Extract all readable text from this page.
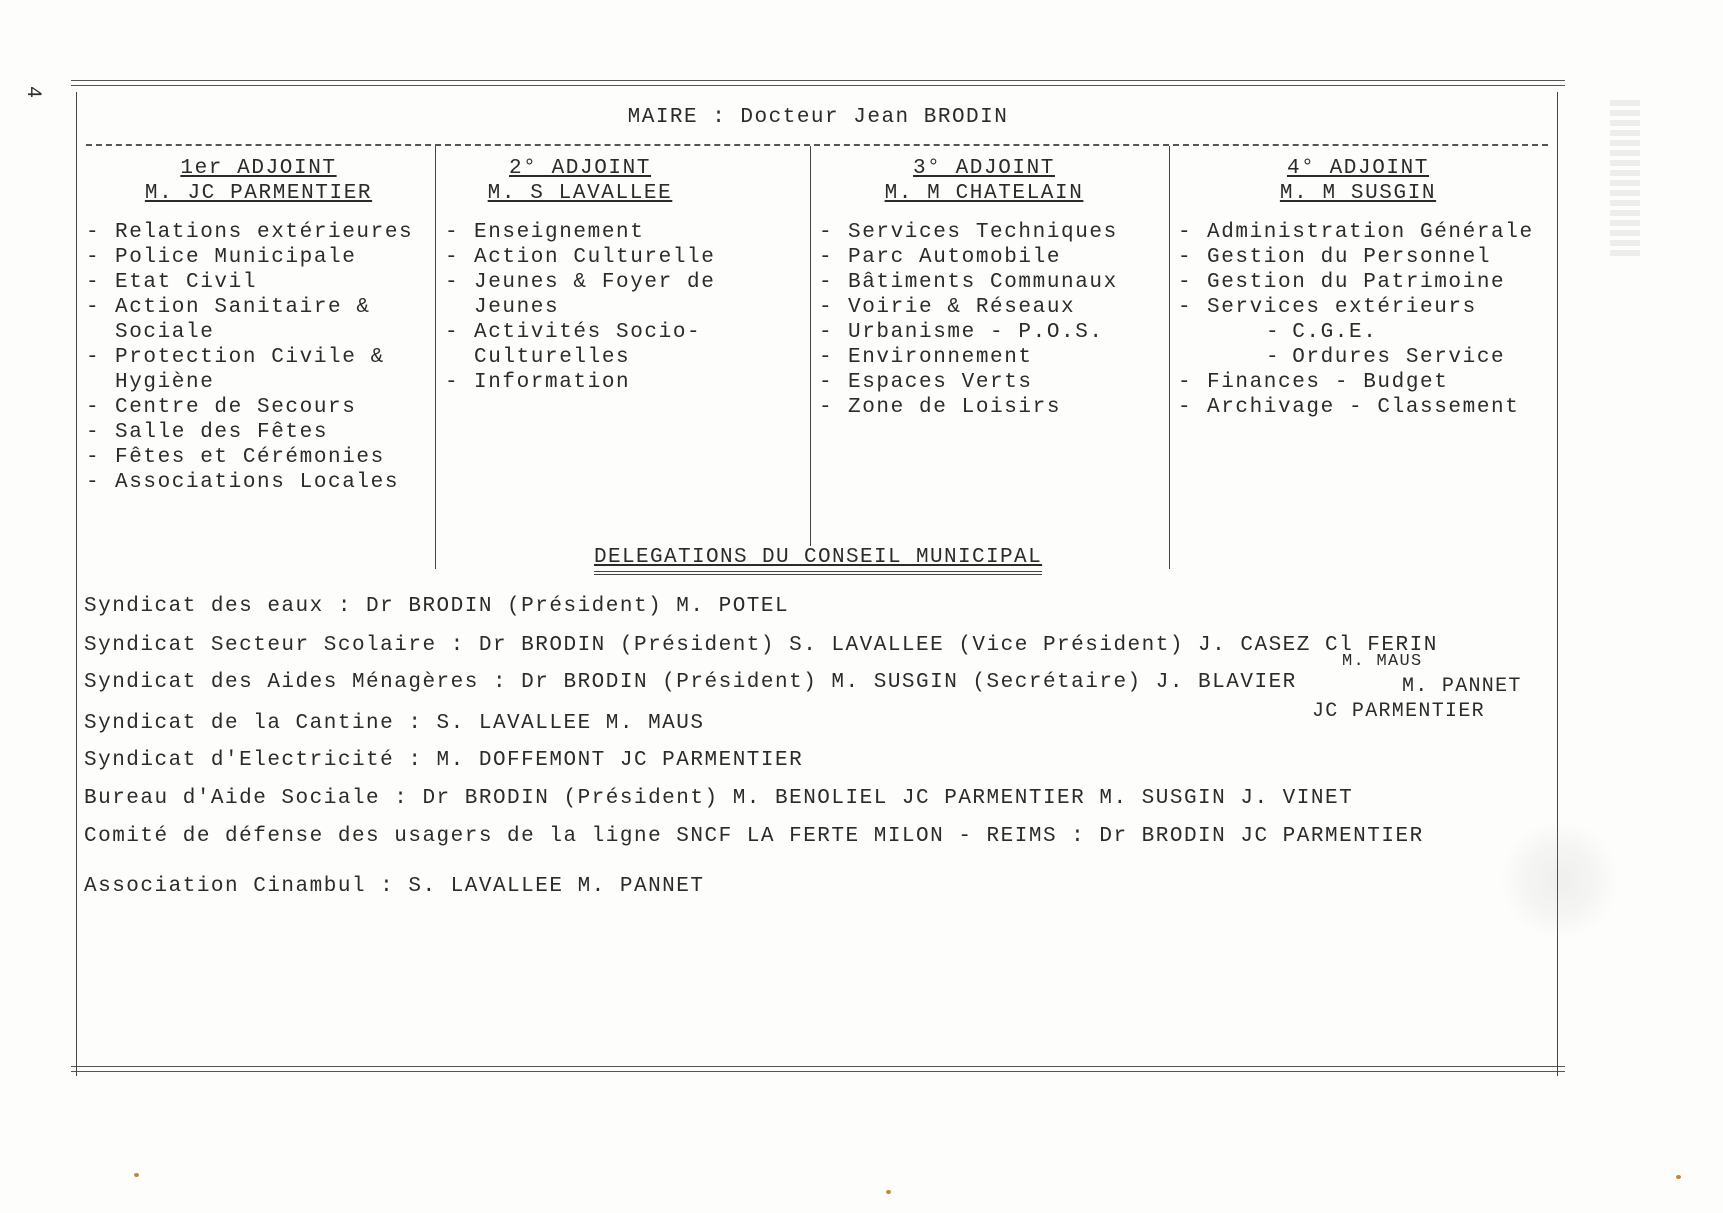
4
MAIRE : Docteur Jean BRODIN
1er ADJOINT
M. JC PARMENTIER
- Relations extérieures
- Police Municipale
- Etat Civil
- Action Sanitaire & Sociale
- Protection Civile & Hygiène
- Centre de Secours
- Salle des Fêtes
- Fêtes et Cérémonies
- Associations Locales
2° ADJOINT
M. S LAVALLEE
- Enseignement
- Action Culturelle
- Jeunes & Foyer de Jeunes
- Activités Socio-Culturelles
- Information
3° ADJOINT
M. M CHATELAIN
- Services Techniques
- Parc Automobile
- Bâtiments Communaux
- Voirie & Réseaux
- Urbanisme - P.O.S.
- Environnement
- Espaces Verts
- Zone de Loisirs
4° ADJOINT
M. M SUSGIN
- Administration Générale
- Gestion du Personnel
- Gestion du Patrimoine
- Services extérieurs
- C.G.E.
- Ordures Service
- Finances - Budget
- Archivage - Classement
DELEGATIONS DU CONSEIL MUNICIPAL
Syndicat des eaux : Dr BRODIN (Président) M. POTEL
Syndicat Secteur Scolaire : Dr BRODIN (Président) S. LAVALLEE (Vice Président) J. CASEZ Cl FERIN
Syndicat des Aides Ménagères : Dr BRODIN (Président) M. SUSGIN (Secrétaire) J. BLAVIER
Syndicat de la Cantine : S. LAVALLEE M. MAUS
Syndicat d'Electricité : M. DOFFEMONT JC PARMENTIER
Bureau d'Aide Sociale : Dr BRODIN (Président) M. BENOLIEL JC PARMENTIER M. SUSGIN J. VINET
Comité de défense des usagers de la ligne SNCF LA FERTE MILON - REIMS : Dr BRODIN JC PARMENTIER
Association Cinambul : S. LAVALLEE M. PANNET
M. MAUS
M. PANNET
JC PARMENTIER
